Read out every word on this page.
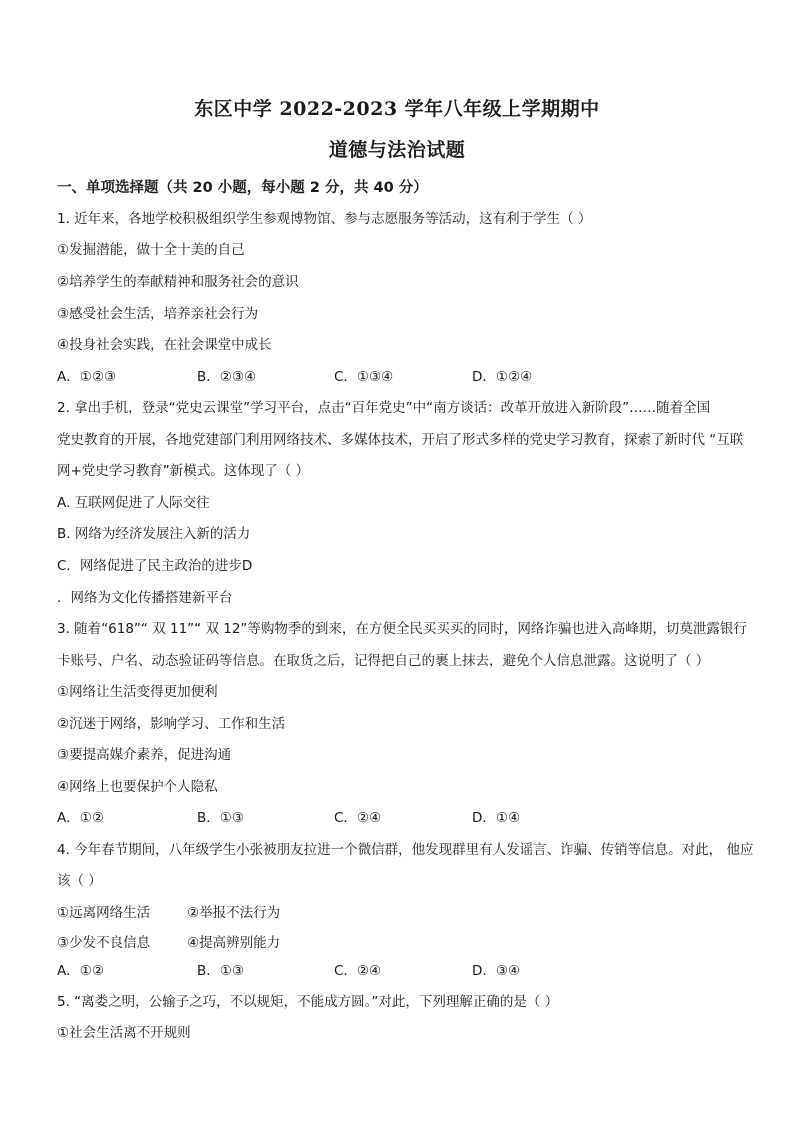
东区中学 2022-2023 学年八年级上学期期中
道德与法治试题
一、单项选择题（共 20 小题，每小题 2 分，共 40 分）
1. 近年来，各地学校积极组织学生参观博物馆、参与志愿服务等活动，这有利于学生（ ）
①发掘潜能，做十全十美的自己
②培养学生的奉献精神和服务社会的意识
③感受社会生活，培养亲社会行为
④投身社会实践，在社会课堂中成长
A．①②③	B．②③④	C．①③④	D．①②④
2. 拿出手机，登录“党史云课堂”学习平台，点击“百年党史”中“南方谈话：改革开放进入新阶段”……随着全国
党史教育的开展，各地党建部门利用网络技术、多媒体技术，开启了形式多样的党史学习教育，探索了新时代 “互联
网+党史学习教育”新模式。这体现了（ ）
A. 互联网促进了人际交往
B. 网络为经济发展注入新的活力
C．网络促进了民主政治的进步D
．网络为文化传播搭建新平台
3. 随着“618”“ 双 11”“ 双 12”等购物季的到来，在方便全民买买买的同时，网络诈骗也进入高峰期，切莫泄露银行
卡账号、户名、动态验证码等信息。在取货之后，记得把自己的裹上抹去，避免个人信息泄露。这说明了（ ）
①网络让生活变得更加便利
②沉迷于网络，影响学习、工作和生活
③要提高媒介素养，促进沟通
④网络上也要保护个人隐私
A．①②	B．①③	C．②④	D．①④
4. 今年春节期间，八年级学生小张被朋友拉进一个微信群，他发现群里有人发谣言、诈骗、传销等信息。对此， 他应
该（ ）
①远离网络生活	②举报不法行为
③少发不良信息	④提高辨别能力
A．①②	B．①③	C．②④	D．③④
5. “离娄之明，公输子之巧，不以规矩，不能成方圆。”对此，下列理解正确的是（ ）
①社会生活离不开规则
